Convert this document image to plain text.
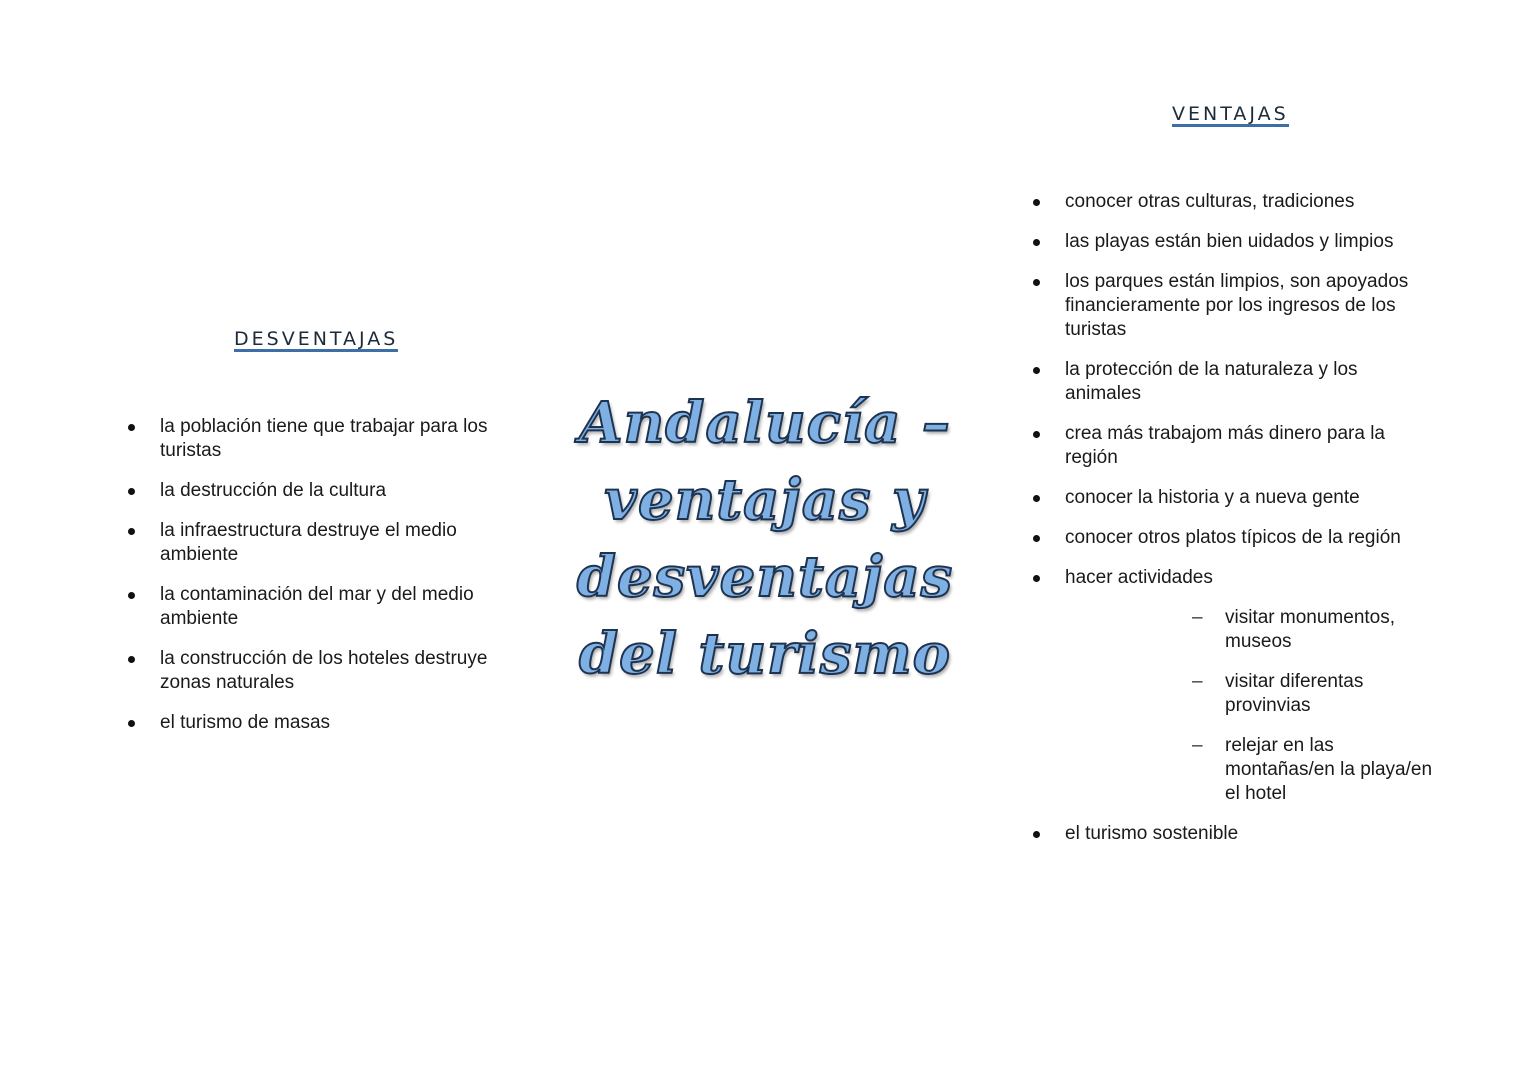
DESVENTAJAS
la población tiene que trabajar para los turistas
la destrucción de la cultura
la infraestructura destruye el medio ambiente
la contaminación del mar y del medio ambiente
la construcción de los hoteles destruye zonas naturales
el turismo de masas
Andalucía – ventajas y desventajas del turismo
VENTAJAS
conocer otras culturas, tradiciones
las playas están bien uidados y limpios
los parques están limpios, son apoyados financieramente por los ingresos de los turistas
la protección de la naturaleza y los animales
crea más trabajom más dinero para la región
conocer la historia y a nueva gente
conocer otros platos típicos de la región
hacer actividades
– visitar monumentos, museos
– visitar diferentas provinvias
– relejar en las montañas/en la playa/en el hotel
el turismo sostenible
